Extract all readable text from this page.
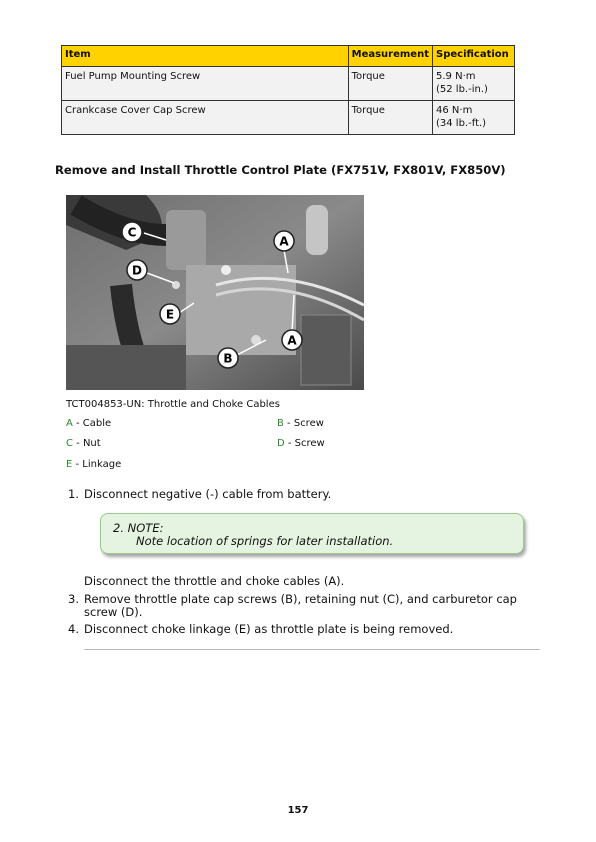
Item	Measurement	Specification
Fuel Pump Mounting Screw	Torque	5.9 N·m
(52 lb.-in.)
Crankcase Cover Cap Screw	Torque	46 N·m
(34 lb.-ft.)
Remove and Install Throttle Control Plate (FX751V, FX801V, FX850V)
C
A
D
E
A
B
TCT004853-UN: Throttle and Choke Cables
A - Cable	B - Screw
C - Nut	D - Screw
E - Linkage
1. Disconnect negative (-) cable from battery.
2. NOTE:
Note location of springs for later installation.
Disconnect the throttle and choke cables (A).
3. Remove throttle plate cap screws (B), retaining nut (C), and carburetor cap
screw (D).
4. Disconnect choke linkage (E) as throttle plate is being removed.
157
